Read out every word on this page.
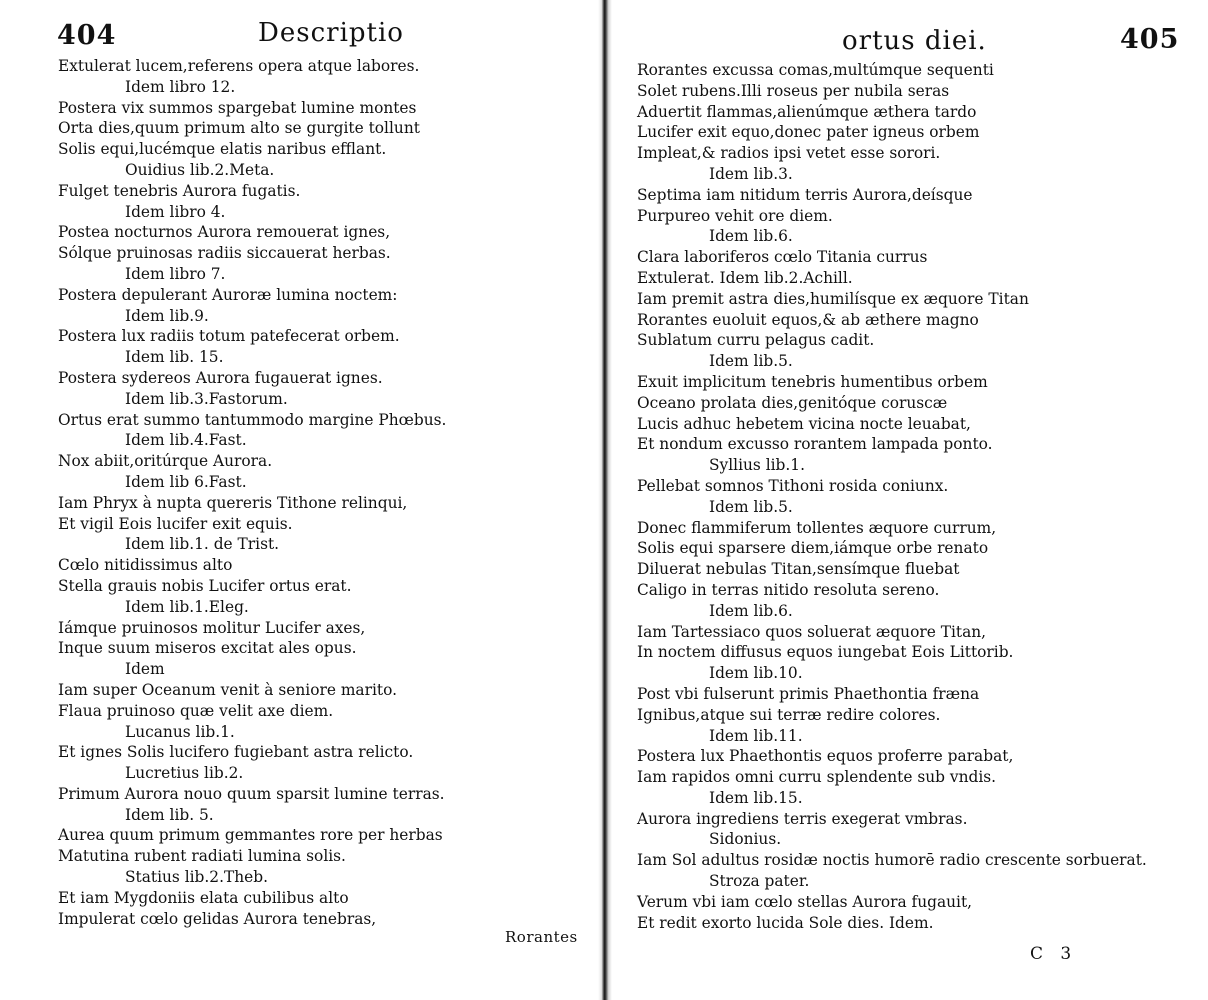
404	Descriptio
Extulerat lucem,referens opera atque labores.
Idem libro 12.
Postera vix summos spargebat lumine montes
Orta dies,quum primum alto se gurgite tollunt
Solis equi,lucémque elatis naribus efflant.
Ouidius lib.2.Meta.
Fulget tenebris Aurora fugatis.
Idem libro 4.
Postea nocturnos Aurora remouerat ignes,
Sólque pruinosas radiis siccauerat herbas.
Idem libro 7.
Postera depulerant Auroræ lumina noctem:
Idem lib.9.
Postera lux radiis totum patefecerat orbem.
Idem lib. 15.
Postera sydereos Aurora fugauerat ignes.
Idem lib.3.Fastorum.
Ortus erat summo tantummodo margine Phœbus.
Idem lib.4.Fast.
Nox abiit,oritúrque Aurora.
Idem lib 6.Fast.
Iam Phryx à nupta quereris Tithone relinqui,
Et vigil Eois lucifer exit equis.
Idem lib.1. de Trist.
Cœlo nitidissimus alto
Stella grauis nobis Lucifer ortus erat.
Idem lib.1.Eleg.
Iámque pruinosos molitur Lucifer axes,
Inque suum miseros excitat ales opus.
Idem
Iam super Oceanum venit à seniore marito.
Flaua pruinoso quæ velit axe diem.
Lucanus lib.1.
Et ignes Solis lucifero fugiebant astra relicto.
Lucretius lib.2.
Primum Aurora nouo quum sparsit lumine terras.
Idem lib. 5.
Aurea quum primum gemmantes rore per herbas
Matutina rubent radiati lumina solis.
Statius lib.2.Theb.
Et iam Mygdoniis elata cubilibus alto
Impulerat cœlo gelidas Aurora tenebras,
Rorantes
405
ortus diei.
Rorantes excussa comas,multúmque sequenti
Solet rubens.Illi roseus per nubila seras
Aduertit flammas,alienúmque æthera tardo
Lucifer exit equo,donec pater igneus orbem
Impleat,& radios ipsi vetet esse sorori.
Idem lib.3.
Septima iam nitidum terris Aurora,deísque
Purpureo vehit ore diem.
Idem lib.6.
Clara laboriferos cœlo Titania currus
Extulerat. Idem lib.2.Achill.
Iam premit astra dies,humilísque ex æquore Titan
Rorantes euoluit equos,& ab æthere magno
Sublatum curru pelagus cadit.
Idem lib.5.
Exuit implicitum tenebris humentibus orbem
Oceano prolata dies,genitóque coruscæ
Lucis adhuc hebetem vicina nocte leuabat,
Et nondum excusso rorantem lampada ponto.
Syllius lib.1.
Pellebat somnos Tithoni rosida coniunx.
Idem lib.5.
Donec flammiferum tollentes æquore currum,
Solis equi sparsere diem,iámque orbe renato
Diluerat nebulas Titan,sensímque fluebat
Caligo in terras nitido resoluta sereno.
Idem lib.6.
Iam Tartessiaco quos soluerat æquore Titan,
In noctem diffusus equos iungebat Eois Littorib.
Idem lib.10.
Post vbi fulserunt primis Phaethontia fræna
Ignibus,atque sui terræ redire colores.
Idem lib.11.
Postera lux Phaethontis equos proferre parabat,
Iam rapidos omni curru splendente sub vndis.
Idem lib.15.
Aurora ingrediens terris exegerat vmbras.
Sidonius.
Iam Sol adultus rosidæ noctis humorē radio crescente sorbuerat.
Stroza pater.
Verum vbi iam cœlo stellas Aurora fugauit,
Et redit exorto lucida Sole dies. Idem.
C 3
